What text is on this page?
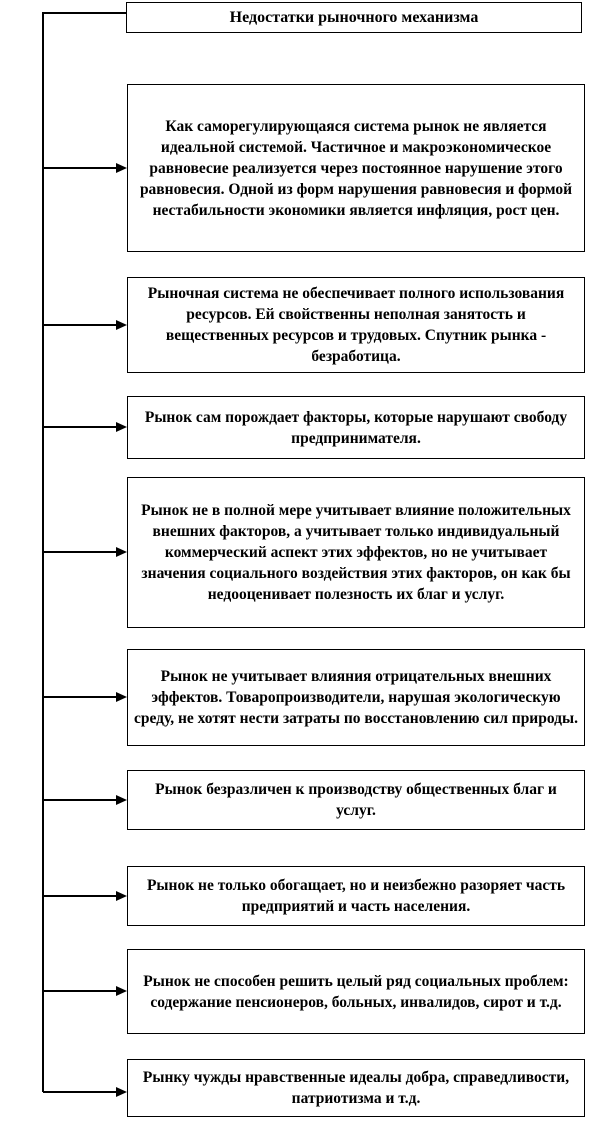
Недостатки рыночного механизма
Как саморегулирующаяся система рынок не является идеальной системой. Частичное и макроэкономическое равновесие реализуется через постоянное нарушение этого равновесия. Одной из форм нарушения равновесия и формой нестабильности экономики является инфляция, рост цен.
Рыночная система не обеспечивает полного использования ресурсов. Ей свойственны неполная занятость и вещественных ресурсов и трудовых. Спутник рынка - безработица.
Рынок сам порождает факторы, которые нарушают свободу предпринимателя.
Рынок не в полной мере учитывает влияние положительных внешних факторов, а учитывает только индивидуальный коммерческий аспект этих эффектов, но не учитывает значения социального воздействия этих факторов, он как бы недооценивает полезность их благ и услуг.
Рынок не учитывает влияния отрицательных внешних эффектов. Товаропроизводители, нарушая экологическую среду, не хотят нести затраты по восстановлению сил природы.
Рынок безразличен к производству общественных благ и услуг.
Рынок не только обогащает, но и неизбежно разоряет часть предприятий и часть населения.
Рынок не способен решить целый ряд социальных проблем: содержание пенсионеров, больных, инвалидов, сирот и т.д.
Рынку чужды нравственные идеалы добра, справедливости, патриотизма и т.д.
